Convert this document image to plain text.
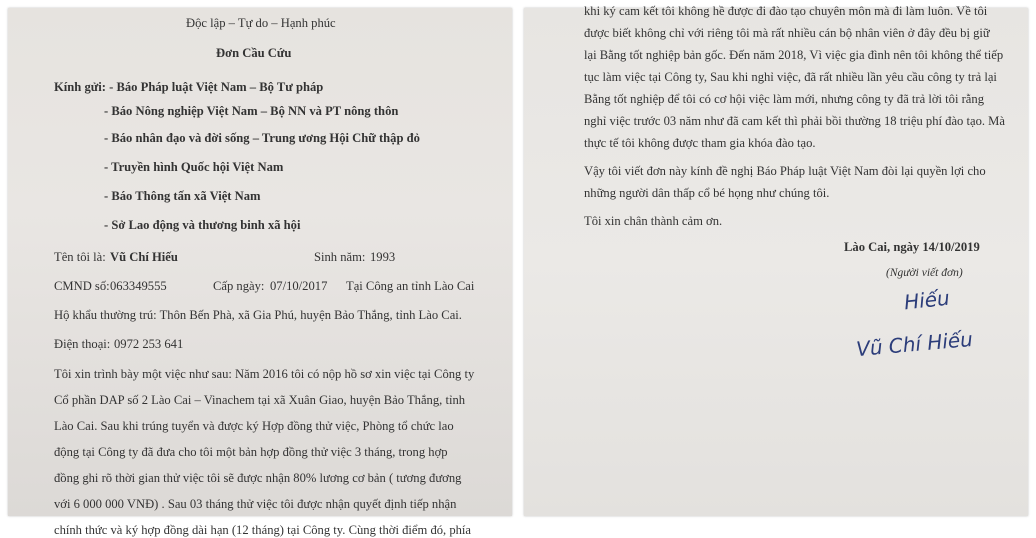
Độc lập – Tự do – Hạnh phúc
Đơn Cầu Cứu
Kính gửi: - Báo Pháp luật Việt Nam – Bộ Tư pháp
- Báo Nông nghiệp Việt Nam – Bộ NN và PT nông thôn
- Báo nhân đạo và đời sống – Trung ương Hội Chữ thập đỏ
- Truyền hình Quốc hội Việt Nam
- Báo Thông tấn xã Việt Nam
- Sở Lao động và thương binh xã hội
Tên tôi là: Vũ Chí Hiếu	Sinh năm: 1993
CMND số: 063349555	Cấp ngày: 07/10/2017 Tại Công an tỉnh Lào Cai
Hộ khẩu thường trú: Thôn Bến Phà, xã Gia Phú, huyện Bảo Thắng, tỉnh Lào Cai.
Điện thoại: 0972 253 641
Tôi xin trình bày một việc như sau: Năm 2016 tôi có nộp hồ sơ xin việc tại Công ty
Cổ phần DAP số 2 Lào Cai – Vinachem tại xã Xuân Giao, huyện Bảo Thắng, tỉnh
Lào Cai. Sau khi trúng tuyển và được ký Hợp đồng thử việc, Phòng tổ chức lao
động tại Công ty đã đưa cho tôi một bản hợp đồng thử việc 3 tháng, trong hợp
đồng ghi rõ thời gian thử việc tôi sẽ được nhận 80% lương cơ bản ( tương đương
với 6 000 000 VNĐ) . Sau 03 tháng thử việc tôi được nhận quyết định tiếp nhận
chính thức và ký hợp đồng dài hạn (12 tháng) tại Công ty. Cùng thời điểm đó, phía
khi ký cam kết tôi không hề được đi đào tạo chuyên môn mà đi làm luôn. Về tôi
được biết không chỉ với riêng tôi mà rất nhiều cán bộ nhân viên ở đây đều bị giữ
lại Bằng tốt nghiệp bản gốc. Đến năm 2018, Vì việc gia đình nên tôi không thể tiếp
tục làm việc tại Công ty, Sau khi nghỉ việc, đã rất nhiều lần yêu cầu công ty trả lại
Bằng tốt nghiệp để tôi có cơ hội việc làm mới, nhưng công ty đã trả lời tôi rằng
nghỉ việc trước 03 năm như đã cam kết thì phải bồi thường 18 triệu phí đào tạo. Mà
thực tế tôi không được tham gia khóa đào tạo.
Vậy tôi viết đơn này kính đề nghị Báo Pháp luật Việt Nam đòi lại quyền lợi cho
những người dân thấp cổ bé họng như chúng tôi.
Tôi xin chân thành cảm ơn.
Lào Cai, ngày 14/10/2019
(Người viết đơn)
Hiếu
Vũ Chí Hiếu
